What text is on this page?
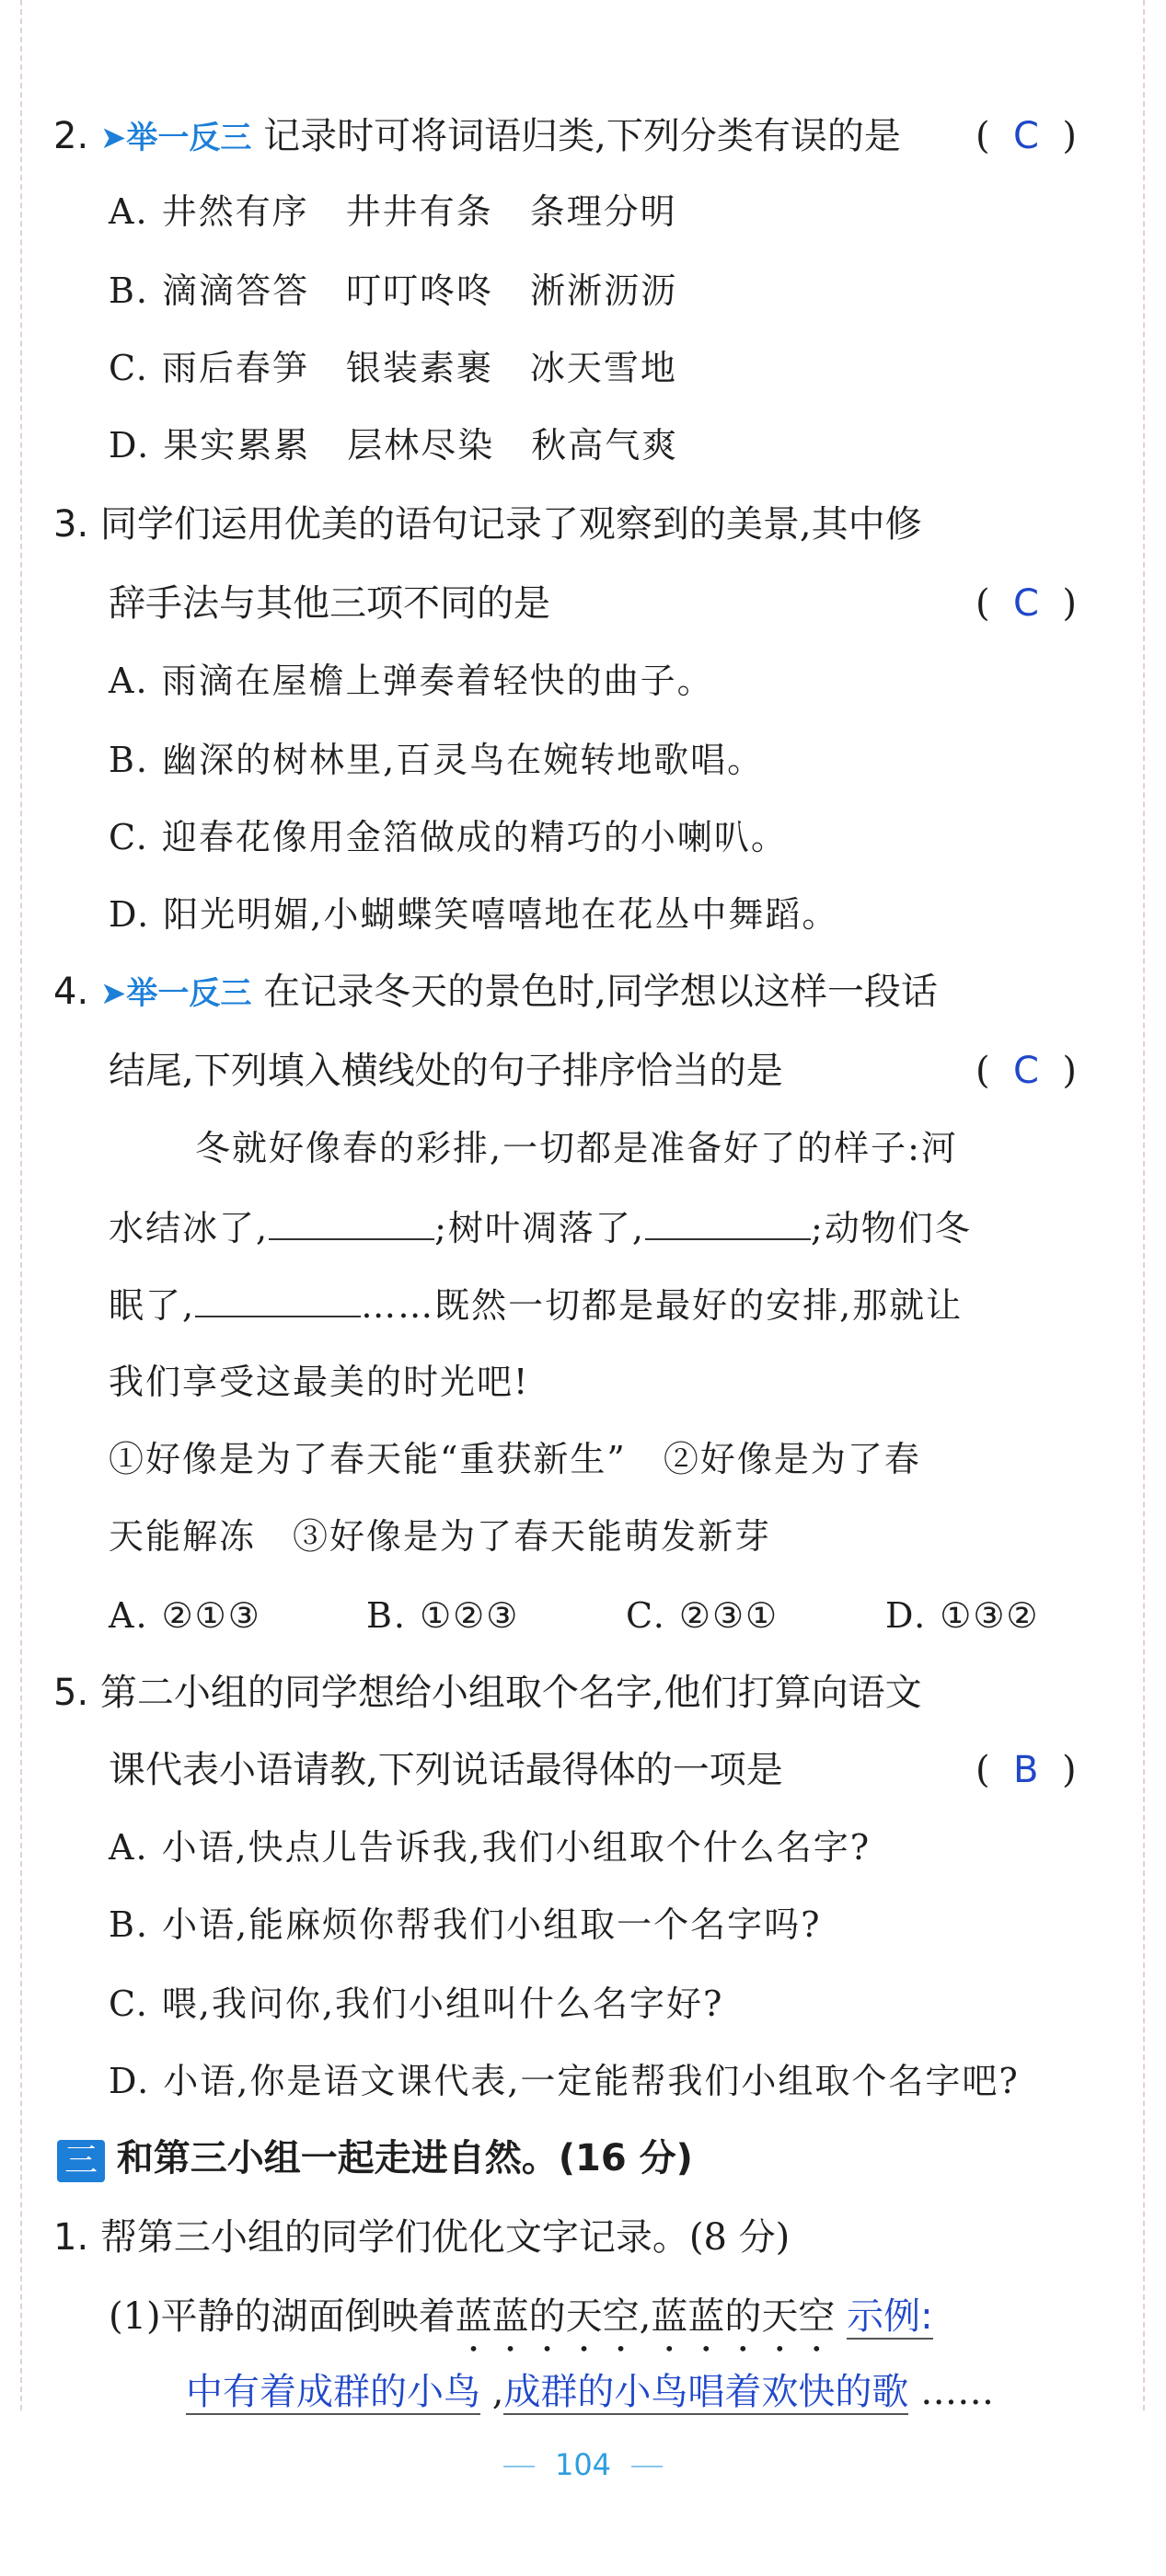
2. ➤举一反三 记录时可将词语归类,下列分类有误的是 ( C )
A. 井然有序　井井有条　条理分明
B. 滴滴答答　叮叮咚咚　淅淅沥沥
C. 雨后春笋　银装素裹　冰天雪地
D. 果实累累　层林尽染　秋高气爽
3. 同学们运用优美的语句记录了观察到的美景,其中修
辞手法与其他三项不同的是	( C )
A. 雨滴在屋檐上弹奏着轻快的曲子。
B. 幽深的树林里,百灵鸟在婉转地歌唱。
C. 迎春花像用金箔做成的精巧的小喇叭。
D. 阳光明媚,小蝴蝶笑嘻嘻地在花丛中舞蹈。
4. ➤举一反三 在记录冬天的景色时,同学想以这样一段话
结尾,下列填入横线处的句子排序恰当的是	( C )
冬就好像春的彩排,一切都是准备好了的样子:河
水结冰了,	;树叶凋落了,	;动物们冬
眠了,	……既然一切都是最好的安排,那就让
我们享受这最美的时光吧!
①好像是为了春天能“重获新生”　②好像是为了春
天能解冻　③好像是为了春天能萌发新芽
A. ②①③	B. ①②③	C. ②③①	D. ①③②
5. 第二小组的同学想给小组取个名字,他们打算向语文
课代表小语请教,下列说话最得体的一项是	( B )
A. 小语,快点儿告诉我,我们小组取个什么名字?
B. 小语,能麻烦你帮我们小组取一个名字吗?
C. 喂,我问你,我们小组叫什么名字好?
D. 小语,你是语文课代表,一定能帮我们小组取个名字吧?
三 和第三小组一起走进自然。(16 分)
1. 帮第三小组的同学们优化文字记录。(8 分)
(1)平静的湖面倒映着蓝蓝的天空,蓝蓝的天空 示例:
中有着成群的小鸟 ,成群的小鸟唱着欢快的歌 ……
104
